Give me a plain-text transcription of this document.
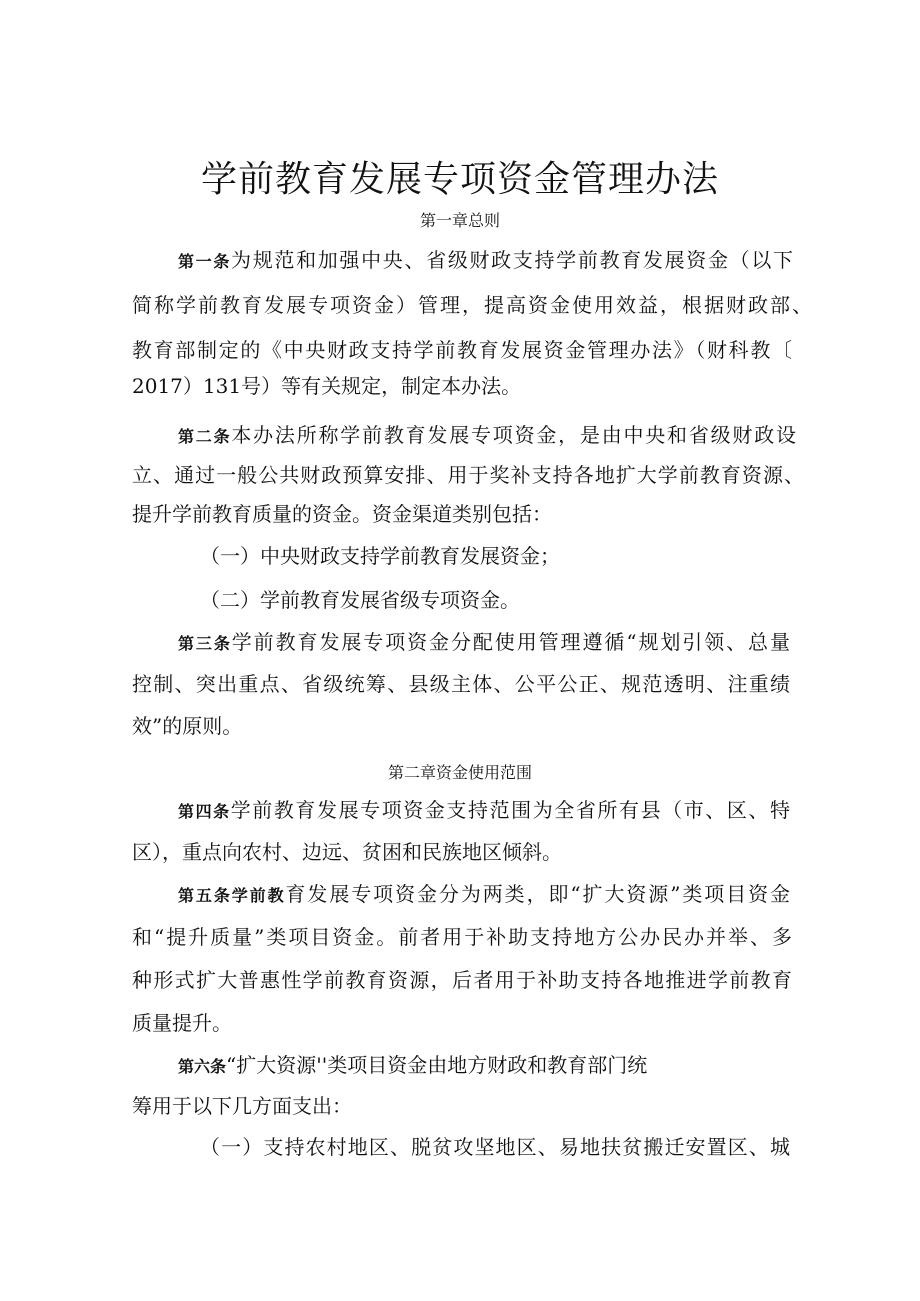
学前教育发展专项资金管理办法
第一章总则
第一条为规范和加强中央、省级财政支持学前教育发展资金（以下
简称学前教育发展专项资金）管理，提高资金使用效益，根据财政部、
教育部制定的《中央财政支持学前教育发展资金管理办法》（财科教〔
2017）131号）等有关规定，制定本办法。
第二条本办法所称学前教育发展专项资金，是由中央和省级财政设
立、通过一般公共财政预算安排、用于奖补支持各地扩大学前教育资源、
提升学前教育质量的资金。资金渠道类别包括：
（一）中央财政支持学前教育发展资金；
（二）学前教育发展省级专项资金。
第三条学前教育发展专项资金分配使用管理遵循“规划引领、总量
控制、突出重点、省级统筹、县级主体、公平公正、规范透明、注重绩
效”的原则。
第二章资金使用范围
第四条学前教育发展专项资金支持范围为全省所有县（市、区、特
区），重点向农村、边远、贫困和民族地区倾斜。
第五条学前教育发展专项资金分为两类，即“扩大资源”类项目资金
和“提升质量”类项目资金。前者用于补助支持地方公办民办并举、多
种形式扩大普惠性学前教育资源，后者用于补助支持各地推进学前教育
质量提升。
第六条“扩大资源''类项目资金由地方财政和教育部门统
筹用于以下几方面支出：
（一）支持农村地区、脱贫攻坚地区、易地扶贫搬迁安置区、城
